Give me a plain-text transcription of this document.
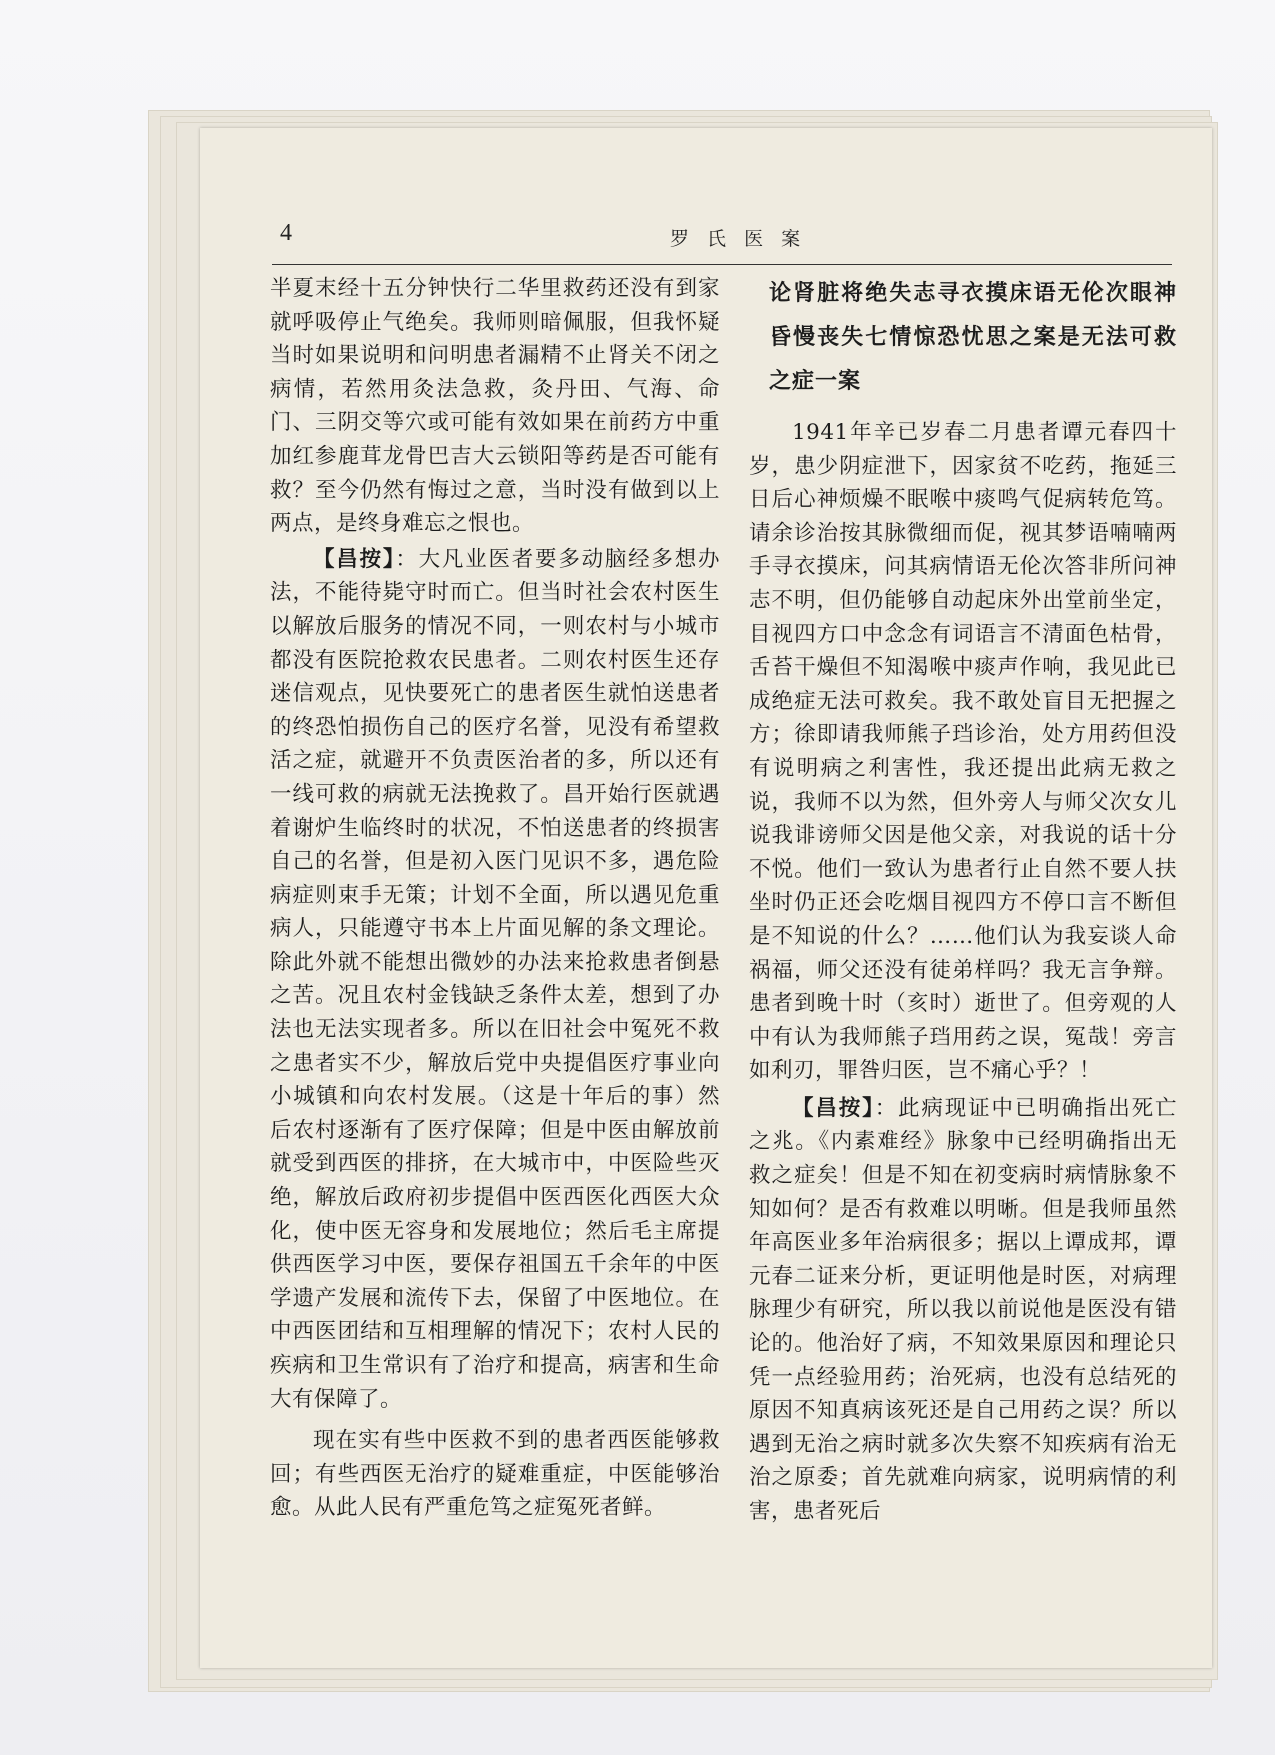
4	罗 氏 医 案

半夏末经十五分钟快行二华里救药还没有到家就呼吸停止气绝矣。我师则暗佩服，但我怀疑当时如果说明和问明患者漏精不止肾关不闭之病情，若然用灸法急救，灸丹田、气海、命门、三阴交等穴或可能有效如果在前药方中重加红参鹿茸龙骨巴吉大云锁阳等药是否可能有救？至今仍然有悔过之意，当时没有做到以上两点，是终身难忘之恨也。

【昌按】：大凡业医者要多动脑经多想办法，不能待毙守时而亡。但当时社会农村医生以解放后服务的情况不同，一则农村与小城市都没有医院抢救农民患者。二则农村医生还存迷信观点，见快要死亡的患者医生就怕送患者的终恐怕损伤自己的医疗名誉，见没有希望救活之症，就避开不负责医治者的多，所以还有一线可救的病就无法挽救了。昌开始行医就遇着谢炉生临终时的状况，不怕送患者的终损害自己的名誉，但是初入医门见识不多，遇危险病症则束手无策；计划不全面，所以遇见危重病人，只能遵守书本上片面见解的条文理论。除此外就不能想出微妙的办法来抢救患者倒悬之苦。况且农村金钱缺乏条件太差，想到了办法也无法实现者多。所以在旧社会中冤死不救之患者实不少，解放后党中央提倡医疗事业向小城镇和向农村发展。（这是十年后的事）然后农村逐渐有了医疗保障；但是中医由解放前就受到西医的排挤，在大城市中，中医险些灭绝，解放后政府初步提倡中医西医化西医大众化，使中医无容身和发展地位；然后毛主席提供西医学习中医，要保存祖国五千余年的中医学遗产发展和流传下去，保留了中医地位。在中西医团结和互相理解的情况下；农村人民的疾病和卫生常识有了治疗和提高，病害和生命大有保障了。

现在实有些中医救不到的患者西医能够救回；有些西医无治疗的疑难重症，中医能够治愈。从此人民有严重危笃之症冤死者鲜。

论肾脏将绝失志寻衣摸床语无伦次眼神昏慢丧失七情惊恐忧思之案是无法可救之症一案

1941年辛已岁春二月患者谭元春四十岁，患少阴症泄下，因家贫不吃药，拖延三日后心神烦燥不眠喉中痰鸣气促病转危笃。请余诊治按其脉微细而促，视其梦语喃喃两手寻衣摸床，问其病情语无伦次答非所问神志不明，但仍能够自动起床外出堂前坐定，目视四方口中念念有词语言不清面色枯骨，舌苔干燥但不知渴喉中痰声作响，我见此已成绝症无法可救矣。我不敢处盲目无把握之方；徐即请我师熊子珰诊治，处方用药但没有说明病之利害性，我还提出此病无救之说，我师不以为然，但外旁人与师父次女儿说我诽谤师父因是他父亲，对我说的话十分不悦。他们一致认为患者行止自然不要人扶坐时仍正还会吃烟目视四方不停口言不断但是不知说的什么？……他们认为我妄谈人命祸福，师父还没有徒弟样吗？我无言争辩。患者到晚十时（亥时）逝世了。但旁观的人中有认为我师熊子珰用药之误，冤哉！旁言如利刃，罪咎归医，岂不痛心乎？！

【昌按】：此病现证中已明确指出死亡之兆。《内素难经》脉象中已经明确指出无救之症矣！但是不知在初变病时病情脉象不知如何？是否有救难以明晰。但是我师虽然年高医业多年治病很多；据以上谭成邦，谭元春二证来分析，更证明他是时医，对病理脉理少有研究，所以我以前说他是医没有错论的。他治好了病，不知效果原因和理论只凭一点经验用药；治死病，也没有总结死的原因不知真病该死还是自己用药之误？所以遇到无治之病时就多次失察不知疾病有治无治之原委；首先就难向病家，说明病情的利害，患者死后
